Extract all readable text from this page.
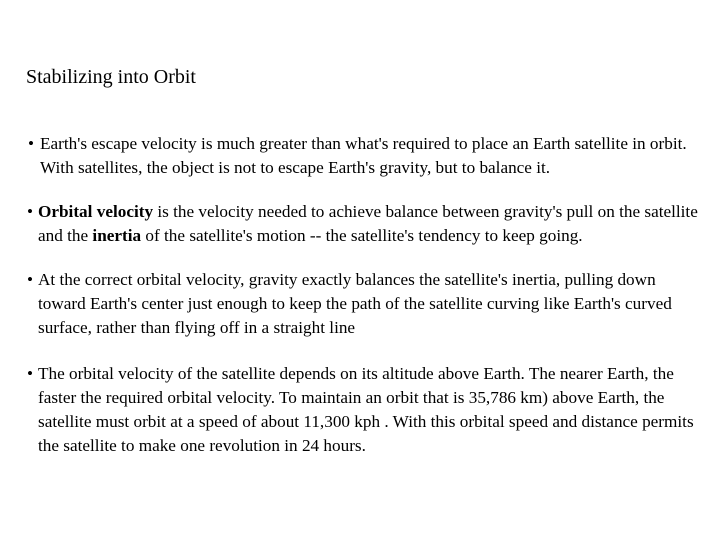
Stabilizing into Orbit
• Earth's escape velocity is much greater than what's required to place an Earth satellite in orbit. With satellites, the object is not to escape Earth's gravity, but to balance it.
• Orbital velocity is the velocity needed to achieve balance between gravity's pull on the satellite and the inertia of the satellite's motion -- the satellite's tendency to keep going.
• At the correct orbital velocity, gravity exactly balances the satellite's inertia, pulling down toward Earth's center just enough to keep the path of the satellite curving like Earth's curved surface, rather than flying off in a straight line
• The orbital velocity of the satellite depends on its altitude above Earth. The nearer Earth, the faster the required orbital velocity. To maintain an orbit that is 35,786 km) above Earth, the satellite must orbit at a speed of about 11,300 kph . With this orbital speed and distance permits the satellite to make one revolution in 24 hours.
